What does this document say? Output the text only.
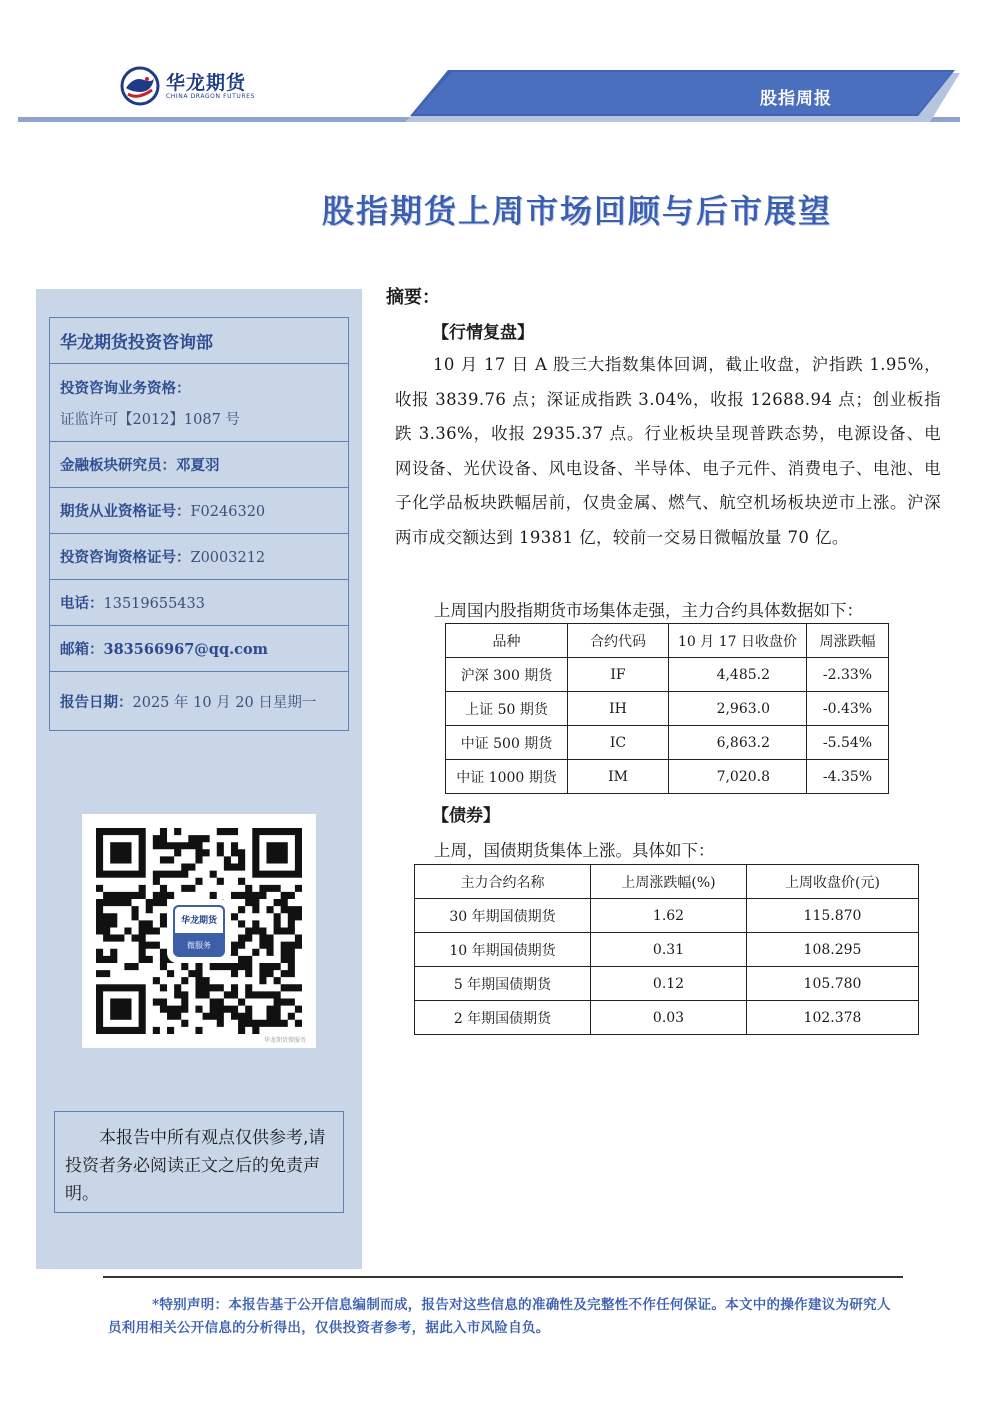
华龙期货
CHINA DRAGON FUTURES	股指周报
股指期货上周市场回顾与后市展望
华龙期货投资咨询部
投资咨询业务资格：
证监许可【2012】1087 号
金融板块研究员：邓夏羽
期货从业资格证号：F0246320
投资咨询资格证号：Z0003212
电话：13519655433
邮箱：383566967@qq.com
报告日期：2025 年 10 月 20 日星期一
华龙期货
微服务
华龙期货微服务
本报告中所有观点仅供参考,请投资者务必阅读正文之后的免责声明。
摘要：
【行情复盘】
10 月 17 日 A 股三大指数集体回调，截止收盘，沪指跌 1.95%，收报 3839.76 点；深证成指跌 3.04%，收报 12688.94 点；创业板指跌 3.36%，收报 2935.37 点。行业板块呈现普跌态势，电源设备、电网设备、光伏设备、风电设备、半导体、电子元件、消费电子、电池、电子化学品板块跌幅居前，仅贵金属、燃气、航空机场板块逆市上涨。沪深两市成交额达到 19381 亿，较前一交易日微幅放量 70 亿。
上周国内股指期货市场集体走强，主力合约具体数据如下：
品种	合约代码	10 月 17 日收盘价	周涨跌幅
沪深 300 期货	IF	4,485.2	-2.33%
上证 50 期货	IH	2,963.0	-0.43%
中证 500 期货	IC	6,863.2	-5.54%
中证 1000 期货	IM	7,020.8	-4.35%
【债券】
上周，国债期货集体上涨。具体如下：
主力合约名称	上周涨跌幅(%)	上周收盘价(元)
30 年期国债期货	1.62	115.870
10 年期国债期货	0.31	108.295
5 年期国债期货	0.12	105.780
2 年期国债期货	0.03	102.378
*特别声明：本报告基于公开信息编制而成，报告对这些信息的准确性及完整性不作任何保证。本文中的操作建议为研究人员利用相关公开信息的分析得出，仅供投资者参考，据此入市风险自负。
